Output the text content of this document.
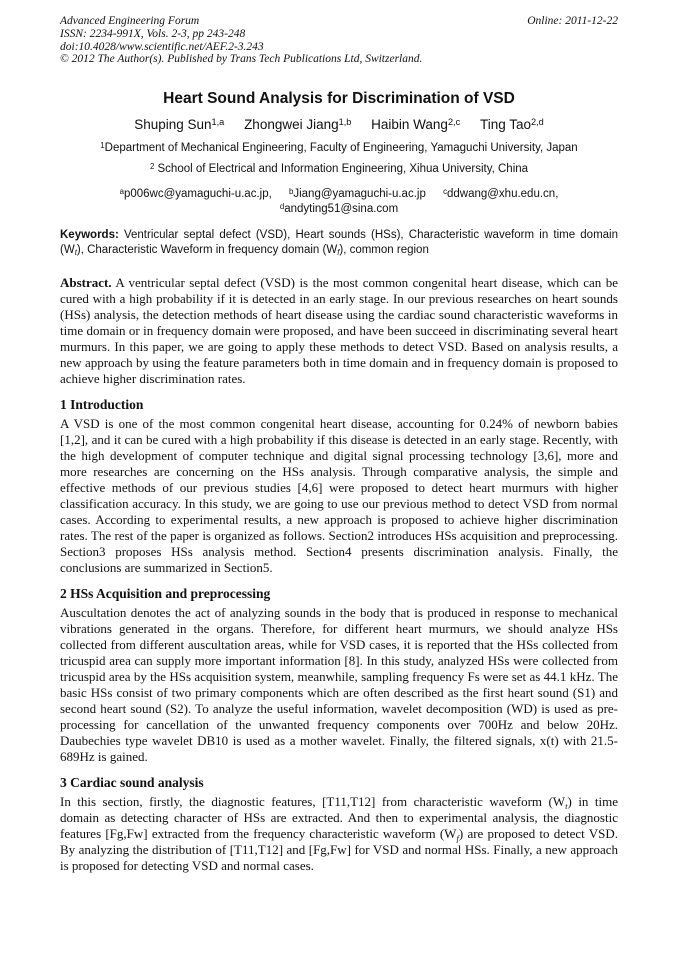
Advanced Engineering Forum	Online: 2011-12-22
ISSN: 2234-991X, Vols. 2-3, pp 243-248
doi:10.4028/www.scientific.net/AEF.2-3.243
© 2012 The Author(s). Published by Trans Tech Publications Ltd, Switzerland.
Heart Sound Analysis for Discrimination of VSD
Shuping Sun$^{1,a}$ Zhongwei Jiang$^{1,b}$ Haibin Wang$^{2,c}$ Ting Tao$^{2,d}$
$^1$Department of Mechanical Engineering, Faculty of Engineering, Yamaguchi University, Japan
$^2$ School of Electrical and Information Engineering, Xihua University, China
$^a$p006wc@yamaguchi-u.ac.jp, $^b$Jiang@yamaguchi-u.ac.jp $^c$ddwang@xhu.edu.cn,
$^d$andyting51@sina.com

Keywords: Ventricular septal defect (VSD), Heart sounds (HSs), Characteristic waveform in time domain $(W_t)$, Characteristic Waveform in frequency domain $(W_f)$, common region

Abstract. A ventricular septal defect (VSD) is the most common congenital heart disease, which can be cured with a high probability if it is detected in an early stage. In our previous researches on heart sounds (HSs) analysis, the detection methods of heart disease using the cardiac sound characteristic waveforms in time domain or in frequency domain were proposed, and have been succeed in discriminating several heart murmurs. In this paper, we are going to apply these methods to detect VSD. Based on analysis results, a new approach by using the feature parameters both in time domain and in frequency domain is proposed to achieve higher discrimination rates.

1 Introduction

A VSD is one of the most common congenital heart disease, accounting for 0.24% of newborn babies [1,2], and it can be cured with a high probability if this disease is detected in an early stage. Recently, with the high development of computer technique and digital signal processing technology [3,6], more and more researches are concerning on the HSs analysis. Through comparative analysis, the simple and effective methods of our previous studies [4,6] were proposed to detect heart murmurs with higher classification accuracy. In this study, we are going to use our previous method to detect VSD from normal cases. According to experimental results, a new approach is proposed to achieve higher discrimination rates. The rest of the paper is organized as follows. Section2 introduces HSs acquisition and preprocessing. Section3 proposes HSs analysis method. Section4 presents discrimination analysis. Finally, the conclusions are summarized in Section5.

2 HSs Acquisition and preprocessing

Auscultation denotes the act of analyzing sounds in the body that is produced in response to mechanical vibrations generated in the organs. Therefore, for different heart murmurs, we should analyze HSs collected from different auscultation areas, while for VSD cases, it is reported that the HSs collected from tricuspid area can supply more important information [8]. In this study, analyzed HSs were collected from tricuspid area by the HSs acquisition system, meanwhile, sampling frequency Fs were set as 44.1 kHz. The basic HSs consist of two primary components which are often described as the first heart sound (S1) and second heart sound (S2). To analyze the useful information, wavelet decomposition (WD) is used as pre-processing for cancellation of the unwanted frequency components over 700Hz and below 20Hz. Daubechies type wavelet DB10 is used as a mother wavelet. Finally, the filtered signals, x(t) with 21.5-689Hz is gained.

3 Cardiac sound analysis

In this section, firstly, the diagnostic features, [T11,T12] from characteristic waveform $(W_t)$ in time domain as detecting character of HSs are extracted. And then to experimental analysis, the diagnostic features [Fg,Fw] extracted from the frequency characteristic waveform $(W_f)$ are proposed to detect VSD. By analyzing the distribution of [T11,T12] and [Fg,Fw] for VSD and normal HSs. Finally, a new approach is proposed for detecting VSD and normal cases.
